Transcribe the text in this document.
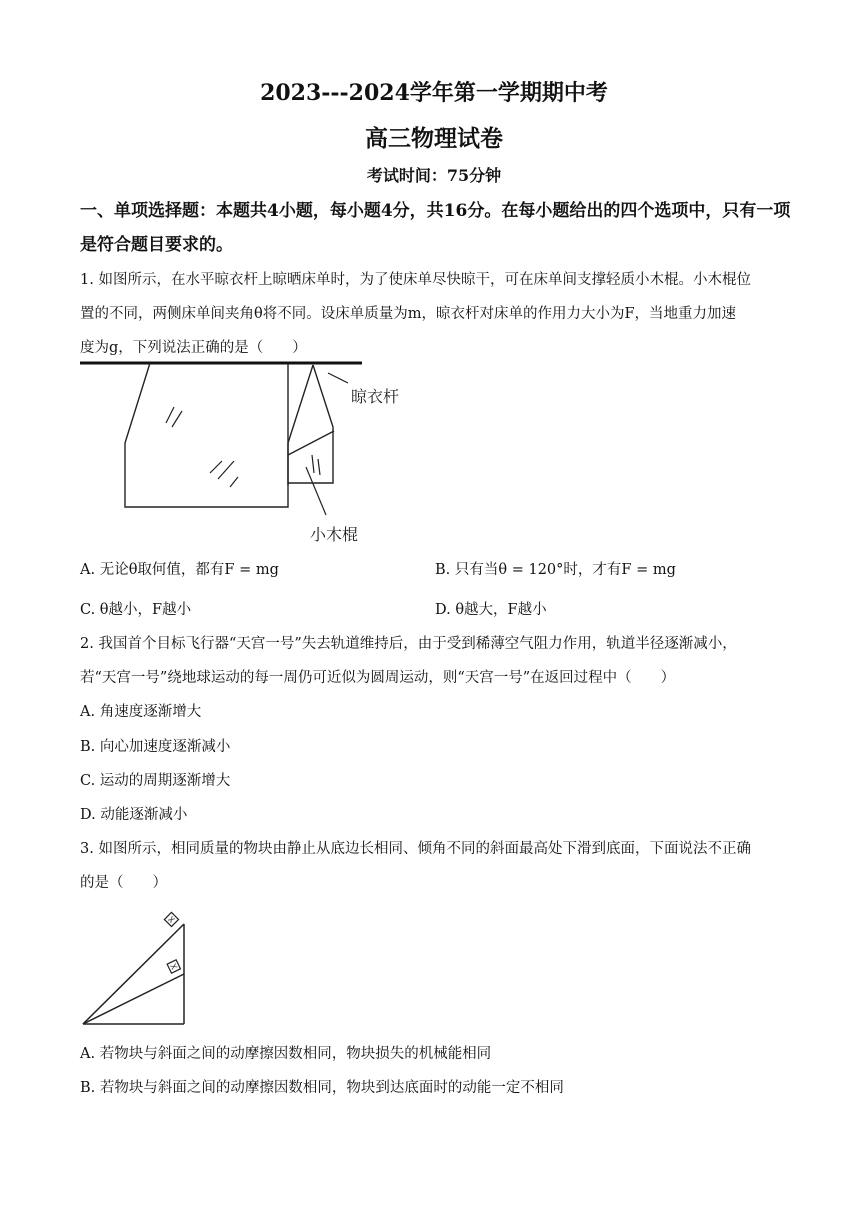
2023---2024学年第一学期期中考
高三物理试卷
考试时间：75分钟
一、单项选择题：本题共4小题，每小题4分，共16分。在每小题给出的四个选项中，只有一项是符合题目要求的。
1. 如图所示，在水平晾衣杆上晾晒床单时，为了使床单尽快晾干，可在床单间支撑轻质小木棍。小木棍位
置的不同，两侧床单间夹角θ将不同。设床单质量为m，晾衣杆对床单的作用力大小为F，当地重力加速
度为g，下列说法正确的是（　　）
晾衣杆
小木棍
A. 无论θ取何值，都有F = mg	B. 只有当θ = 120°时，才有F = mg
C. θ越小，F越小	D. θ越大，F越小
2. 我国首个目标飞行器“天宫一号”失去轨道维持后，由于受到稀薄空气阻力作用，轨道半径逐渐减小，
若“天宫一号”绕地球运动的每一周仍可近似为圆周运动，则“天宫一号”在返回过程中（　　）
A. 角速度逐渐增大
B. 向心加速度逐渐减小
C. 运动的周期逐渐增大
D. 动能逐渐减小
3. 如图所示，相同质量的物块由静止从底边长相同、倾角不同的斜面最高处下滑到底面，下面说法不正确
的是（　　）
A. 若物块与斜面之间的动摩擦因数相同，物块损失的机械能相同
B. 若物块与斜面之间的动摩擦因数相同，物块到达底面时的动能一定不相同
